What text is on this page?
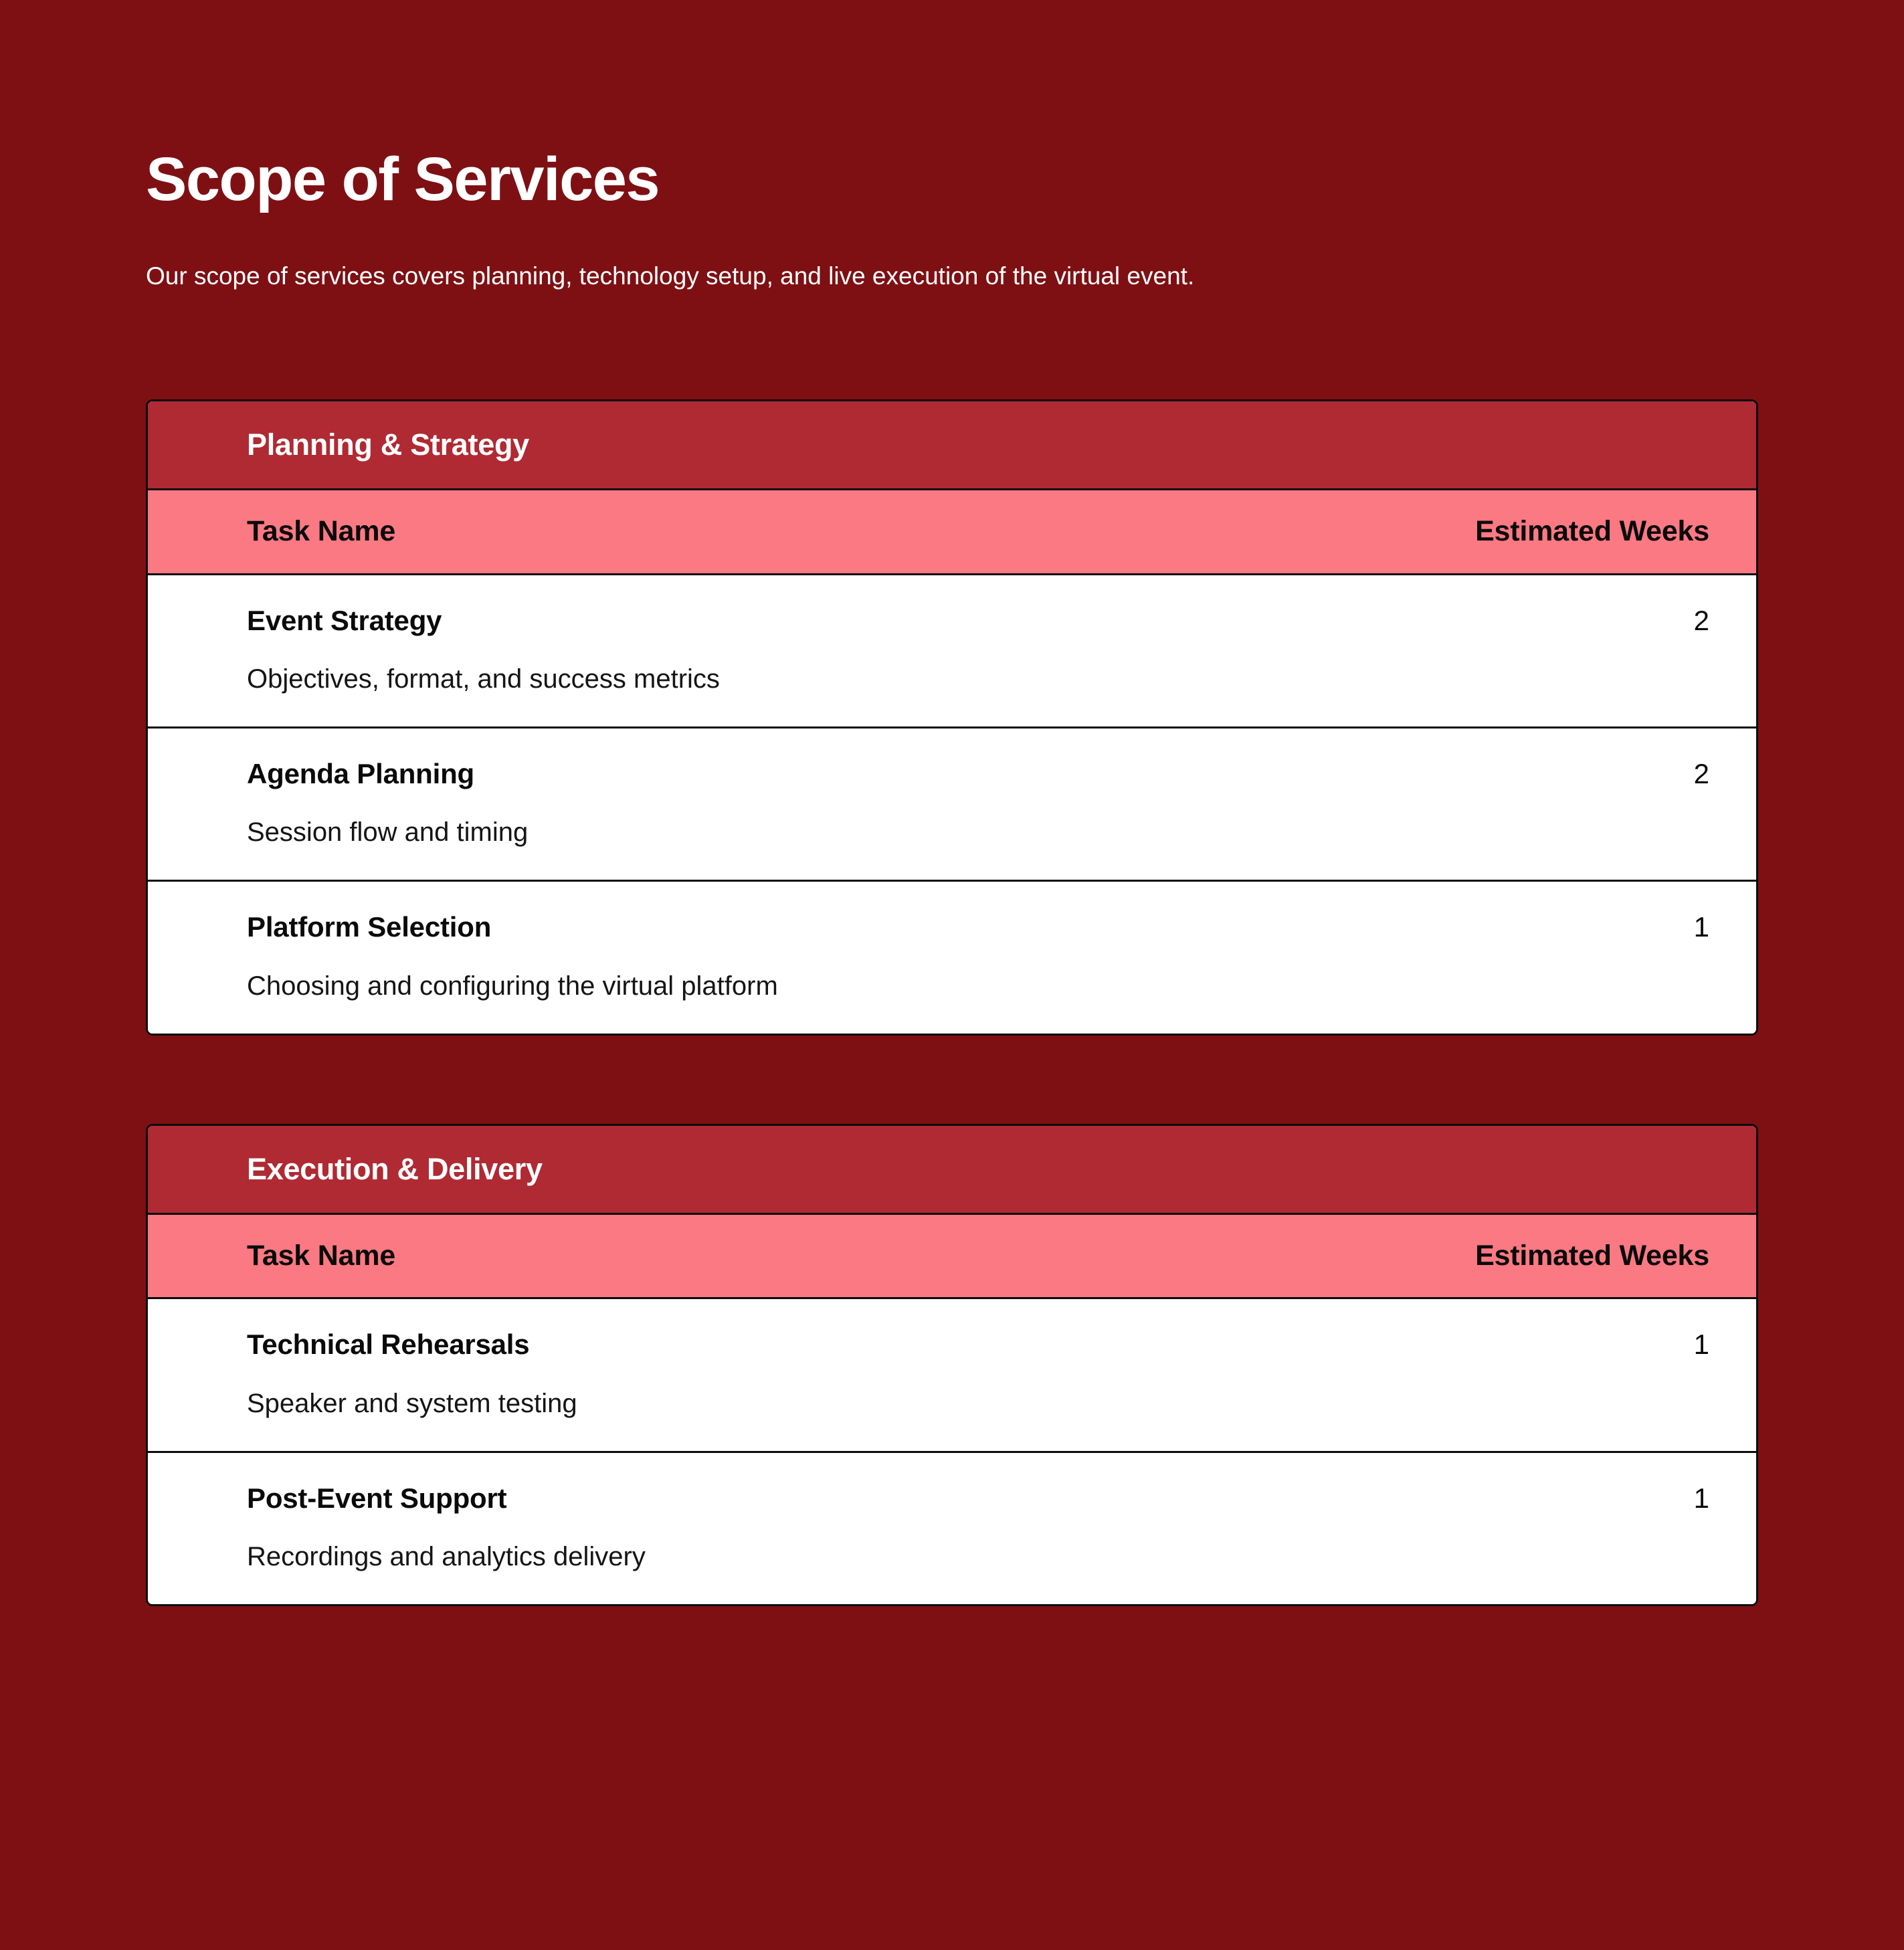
Scope of Services

Our scope of services covers planning, technology setup, and live execution of the virtual event.

Planning & Strategy
Task Name	Estimated Weeks

Event Strategy
Objectives, format, and success metrics	2

Agenda Planning
Session flow and timing	2

Platform Selection
Choosing and configuring the virtual platform	1
Execution & Delivery
Task Name	Estimated Weeks

Technical Rehearsals
Speaker and system testing	1

Post-Event Support
Recordings and analytics delivery	1
